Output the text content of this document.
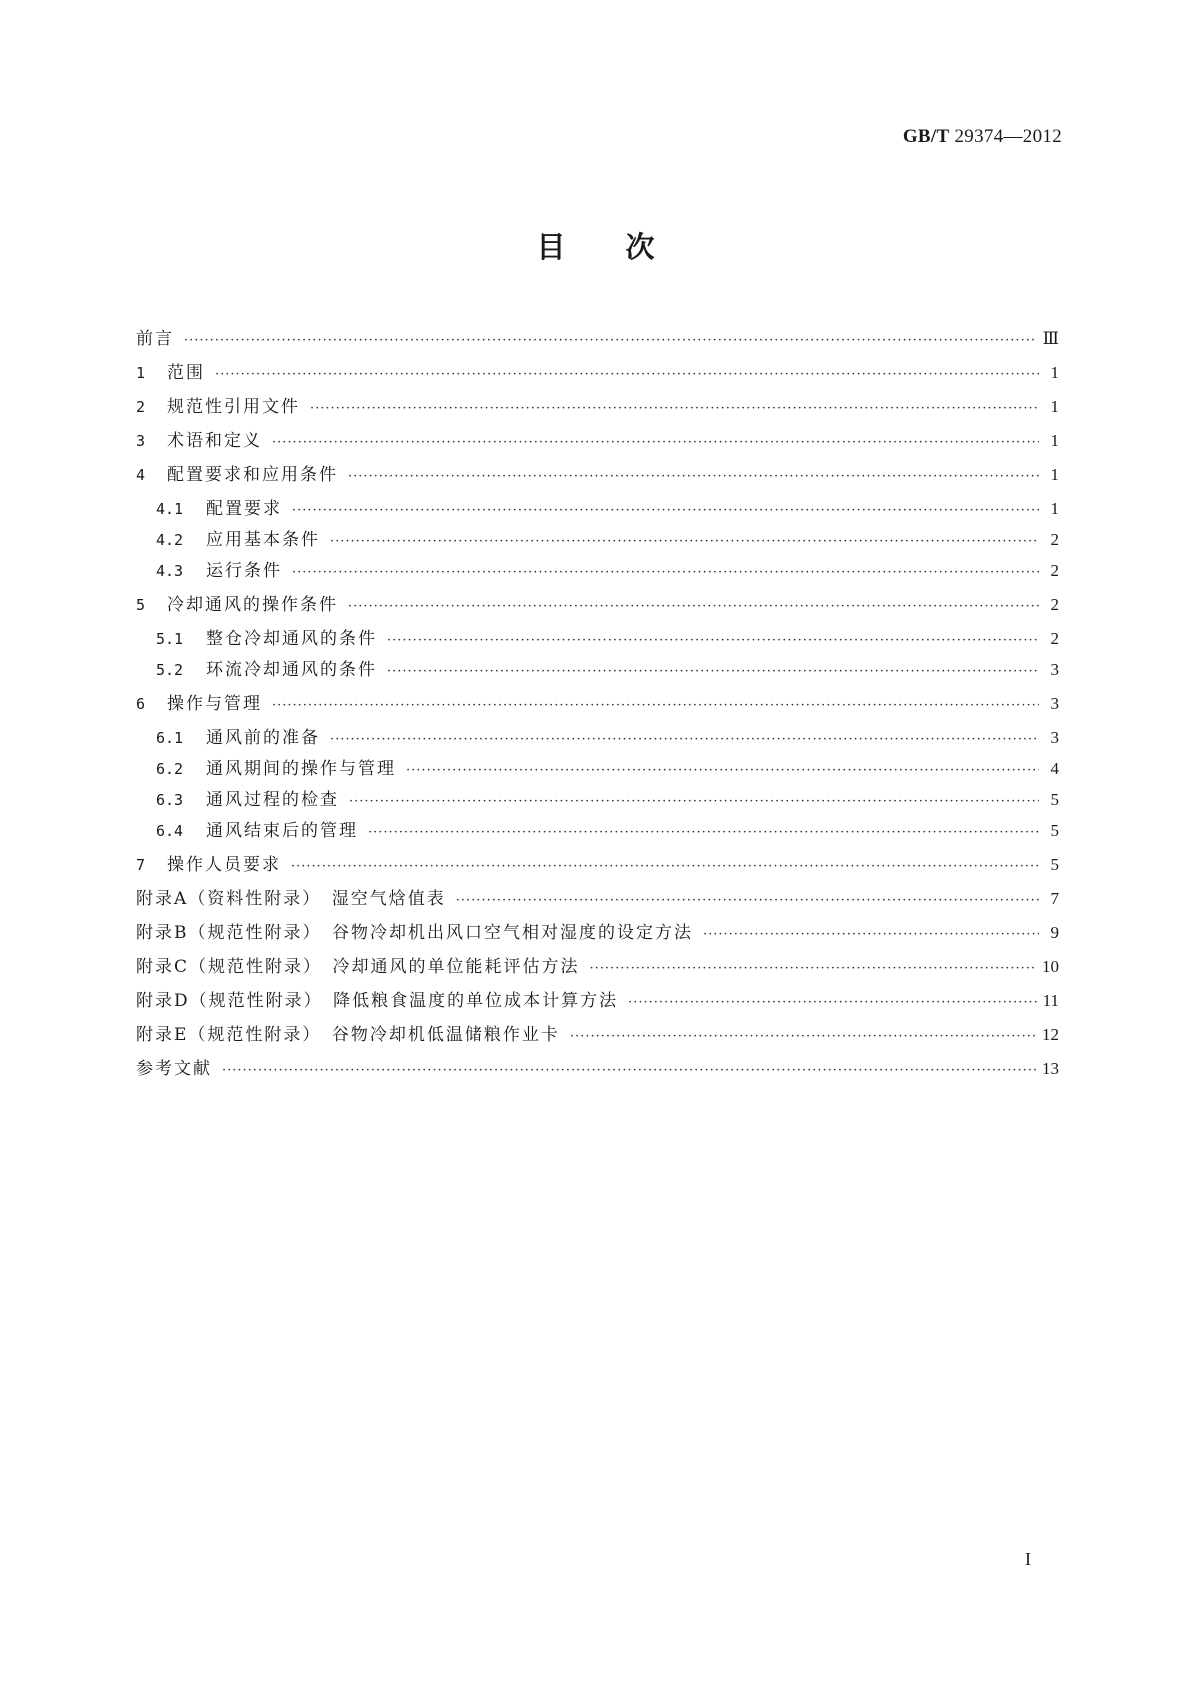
GB/T 29374—2012
目次
前言 ·····	Ⅲ
1	范围 ·····	1
2	规范性引用文件 ·····	1
3	术语和定义 ·····	1
4	配置要求和应用条件 ·····	1
4.1	配置要求 ·····	1
4.2	应用基本条件 ·····	2
4.3	运行条件 ·····	2
5	冷却通风的操作条件 ·····	2
5.1	整仓冷却通风的条件 ·····	2
5.2	环流冷却通风的条件 ·····	3
6	操作与管理 ·····	3
6.1	通风前的准备 ·····	3
6.2	通风期间的操作与管理 ·····	4
6.3	通风过程的检查 ·····	5
6.4	通风结束后的管理 ·····	5
7	操作人员要求 ·····	5
附录A（资料性附录）　湿空气焓值表 ·····	7
附录B（规范性附录）　谷物冷却机出风口空气相对湿度的设定方法 ·····	9
附录C（规范性附录）　冷却通风的单位能耗评估方法 ·····	10
附录D（规范性附录）　降低粮食温度的单位成本计算方法 ·····	11
附录E（规范性附录）　谷物冷却机低温储粮作业卡 ·····	12
参考文献 ·····	13
I
